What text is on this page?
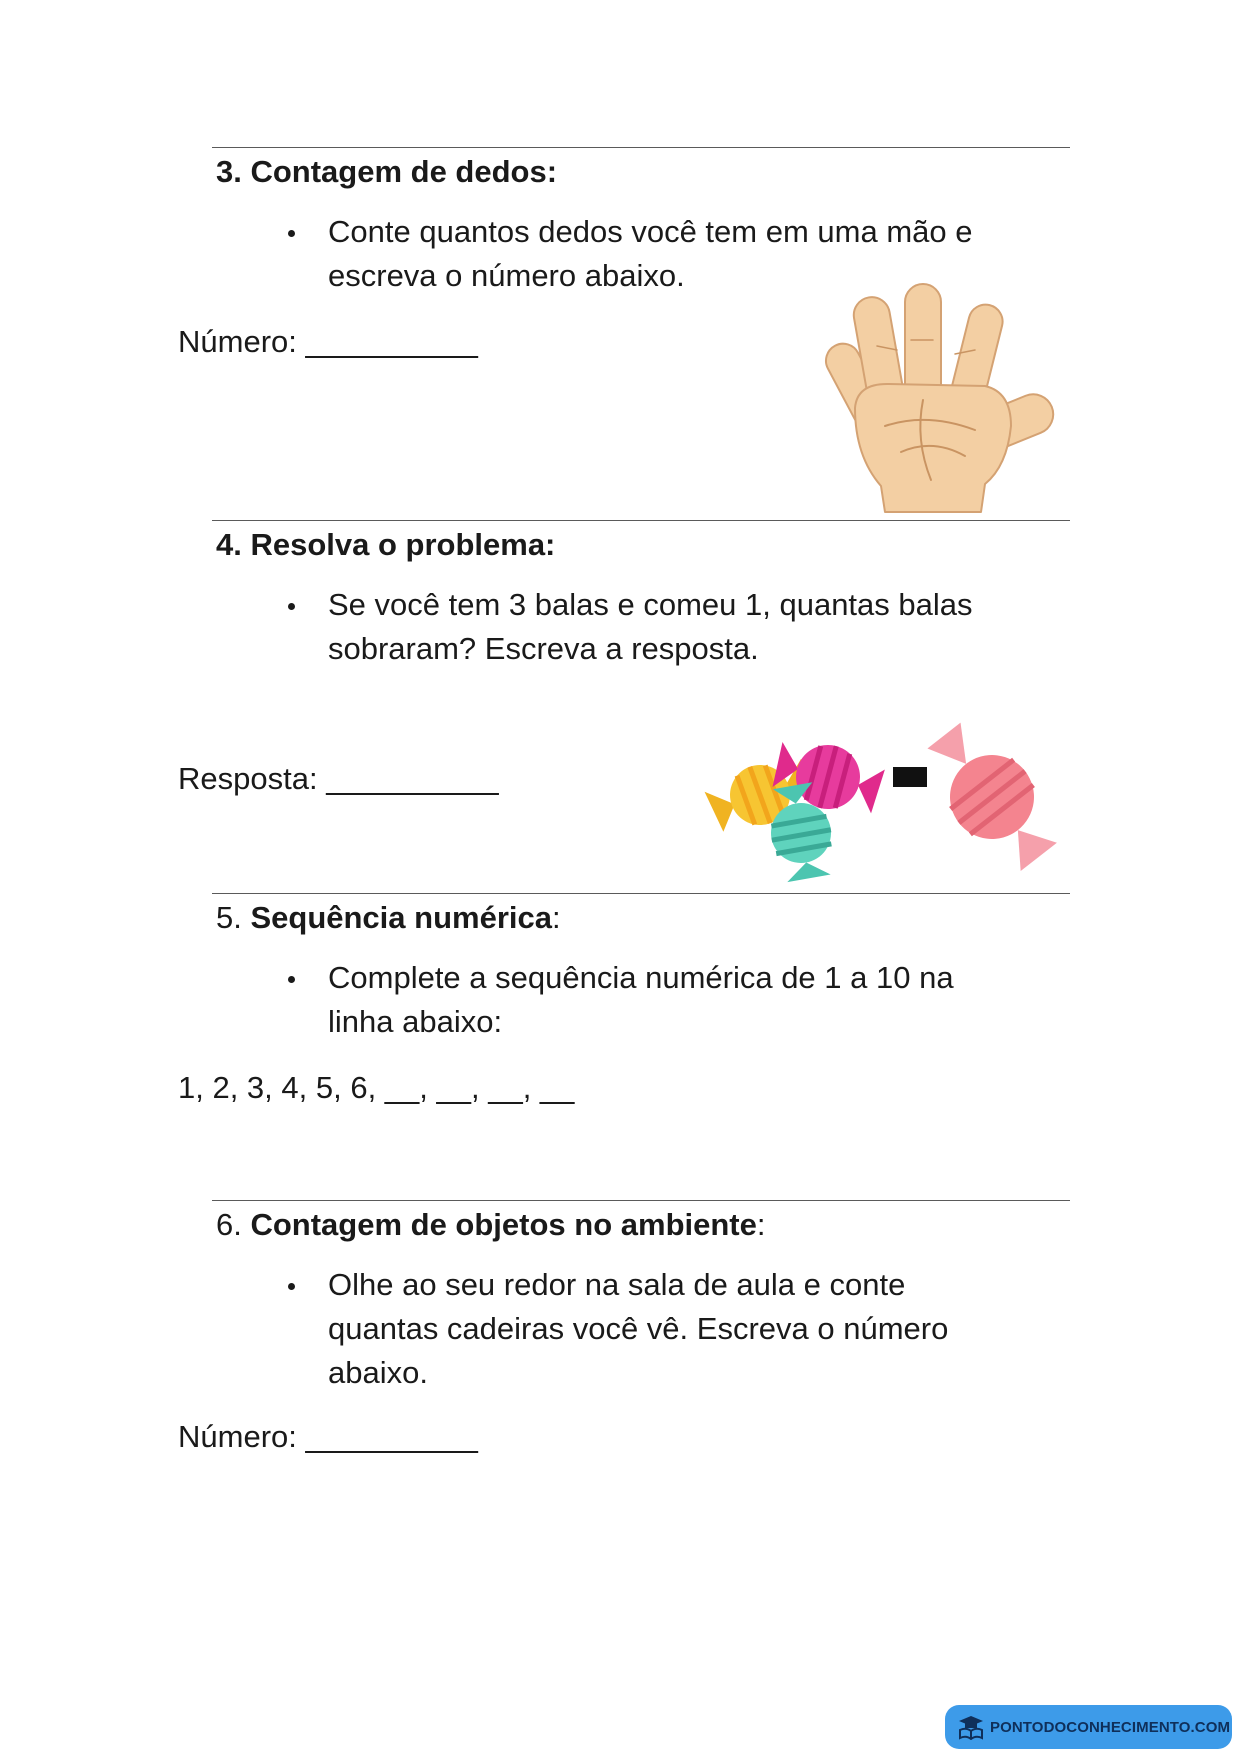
3. Contagem de dedos:
Conte quantos dedos você tem em uma mão e
escreva o número abaixo.
Número: __________
4. Resolva o problema:
Se você tem 3 balas e comeu 1, quantas balas
sobraram? Escreva a resposta.
Resposta: __________
5. Sequência numérica:
Complete a sequência numérica de 1 a 10 na
linha abaixo:
1, 2, 3, 4, 5, 6, __, __, __, __
6. Contagem de objetos no ambiente:
Olhe ao seu redor na sala de aula e conte
quantas cadeiras você vê. Escreva o número
abaixo.
Número: __________
PONTODOCONHECIMENTO.COM
